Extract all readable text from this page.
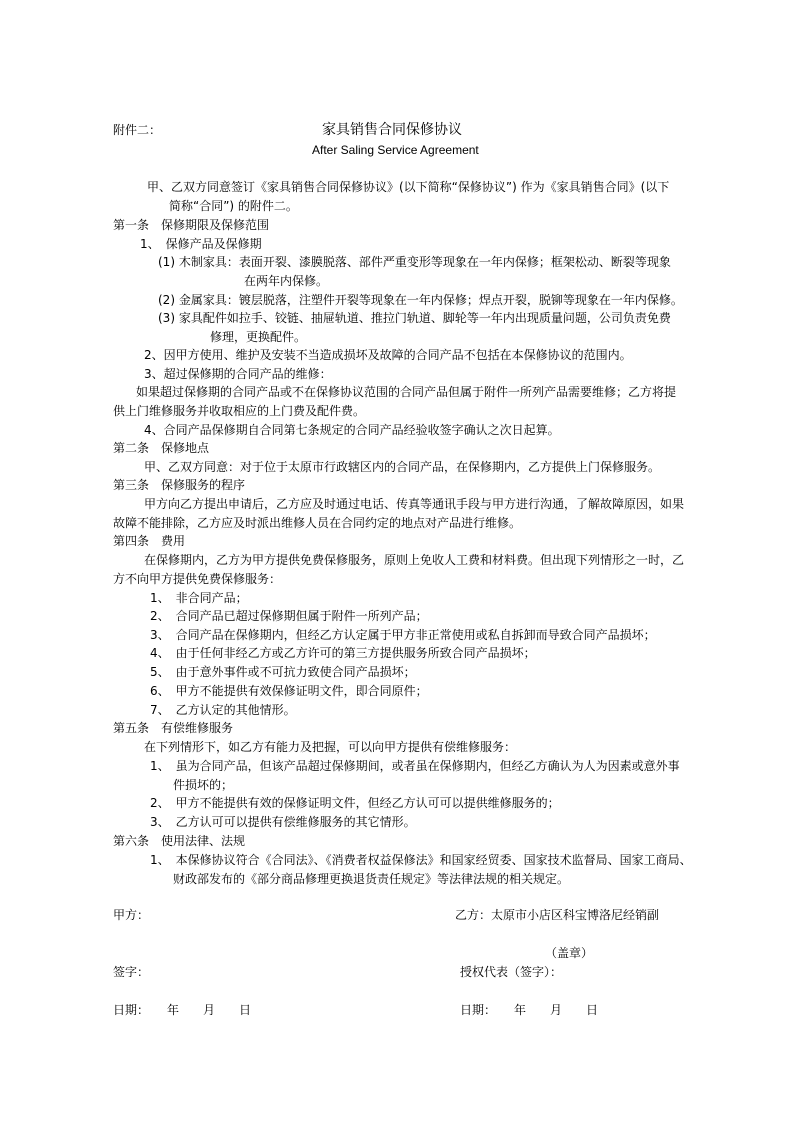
附件二：	家具销售合同保修协议
After Saling Service Agreement
甲、乙双方同意签订《家具销售合同保修协议》(以下简称“保修协议”) 作为《家具销售合同》(以下
简称“合同”) 的附件二。
第一条　保修期限及保修范围
1、　保修产品及保修期
(1) 木制家具：表面开裂、漆膜脱落、部件严重变形等现象在一年内保修；框架松动、断裂等现象
在两年内保修。
(2) 金属家具：镀层脱落，注塑件开裂等现象在一年内保修；焊点开裂，脱铆等现象在一年内保修。
(3) 家具配件如拉手、铰链、抽屉轨道、推拉门轨道、脚轮等一年内出现质量问题，公司负责免费
修理，更换配件。
2、因甲方使用、维护及安装不当造成损坏及故障的合同产品不包括在本保修协议的范围内。
3、超过保修期的合同产品的维修：
如果超过保修期的合同产品或不在保修协议范围的合同产品但属于附件一所列产品需要维修；乙方将提
供上门维修服务并收取相应的上门费及配件费。
4、合同产品保修期自合同第七条规定的合同产品经验收签字确认之次日起算。
第二条　保修地点
甲、乙双方同意：对于位于太原市行政辖区内的合同产品，在保修期内，乙方提供上门保修服务。
第三条　保修服务的程序
甲方向乙方提出申请后，乙方应及时通过电话、传真等通讯手段与甲方进行沟通，了解故障原因，如果
故障不能排除，乙方应及时派出维修人员在合同约定的地点对产品进行维修。
第四条　费用
在保修期内，乙方为甲方提供免费保修服务，原则上免收人工费和材料费。但出现下列情形之一时，乙
方不向甲方提供免费保修服务：
1、　非合同产品；
2、　合同产品已超过保修期但属于附件一所列产品；
3、　合同产品在保修期内，但经乙方认定属于甲方非正常使用或私自拆卸而导致合同产品损坏；
4、　由于任何非经乙方或乙方许可的第三方提供服务所致合同产品损坏；
5、　由于意外事件或不可抗力致使合同产品损坏；
6、　甲方不能提供有效保修证明文件，即合同原件；
7、　乙方认定的其他情形。
第五条　有偿维修服务
在下列情形下，如乙方有能力及把握，可以向甲方提供有偿维修服务：
1、　虽为合同产品，但该产品超过保修期间，或者虽在保修期内，但经乙方确认为人为因素或意外事
件损坏的；
2、　甲方不能提供有效的保修证明文件，但经乙方认可可以提供维修服务的；
3、　乙方认可可以提供有偿维修服务的其它情形。
第六条　使用法律、法规
1、　本保修协议符合《合同法》、《消费者权益保修法》和国家经贸委、国家技术监督局、国家工商局、
财政部发布的《部分商品修理更换退货责任规定》等法律法规的相关规定。
甲方：	乙方：太原市小店区科宝博洛尼经销副
（盖章）
签字：	授权代表（签字）：
日期：　　年　　月　　日	日期：　　年　　月　　日
